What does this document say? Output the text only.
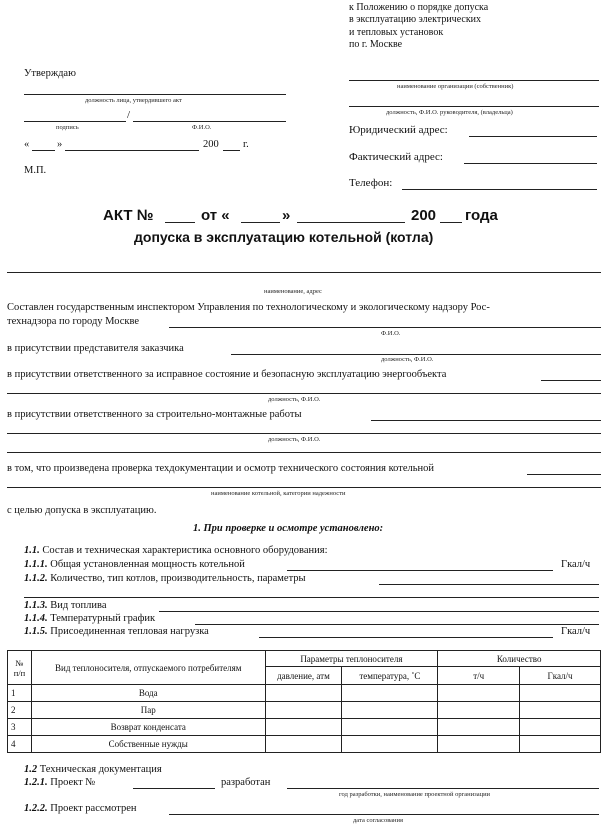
к Положению о порядке допуска
в эксплуатацию электрических
и тепловых установок
по г. Москве
Утверждаю
должность лица, утвердившего акт
/
подпись	Ф.И.О.
«	»	200 г.
М.П.
наименование организации (собственник)
должность, Ф.И.О. руководителя, (владельца)
Юридический адрес:
Фактический адрес:
Телефон:
АКТ №	от «	»	200 года
допуска в эксплуатацию котельной (котла)
наименование, адрес
Составлен государственным инспектором Управления по технологическому и экологическому надзору Рос-
технадзора по городу Москве
Ф.И.О.
в присутствии представителя заказчика
должность, Ф.И.О.
в присутствии ответственного за исправное состояние и безопасную эксплуатацию энергообъекта
должность, Ф.И.О.
в присутствии ответственного за строительно-монтажные работы
должность, Ф.И.О.
в том, что произведена проверка техдокументации и осмотр технического состояния котельной
наименование котельной, категории надежности
с целью допуска в эксплуатацию.
1. При проверке и осмотре установлено:
1.1. Состав и техническая характеристика основного оборудования:
1.1.1. Общая установленная мощность котельной	Гкал/ч
1.1.2. Количество, тип котлов, производительность, параметры
1.1.3. Вид топлива
1.1.4. Температурный график
1.1.5. Присоединенная тепловая нагрузка	Гкал/ч
№ п/п	Вид теплоносителя, отпускаемого потребителям	Параметры теплоносителя		Количество	
		давление, атм	температура, ˚С	т/ч	Гкал/ч
1	Вода				
2	Пар				
3	Возврат конденсата				
4	Собственные нужды				
1.2 Техническая документация
1.2.1. Проект №	разработан
год разработки, наименование проектной организации
1.2.2. Проект рассмотрен
дата согласования
